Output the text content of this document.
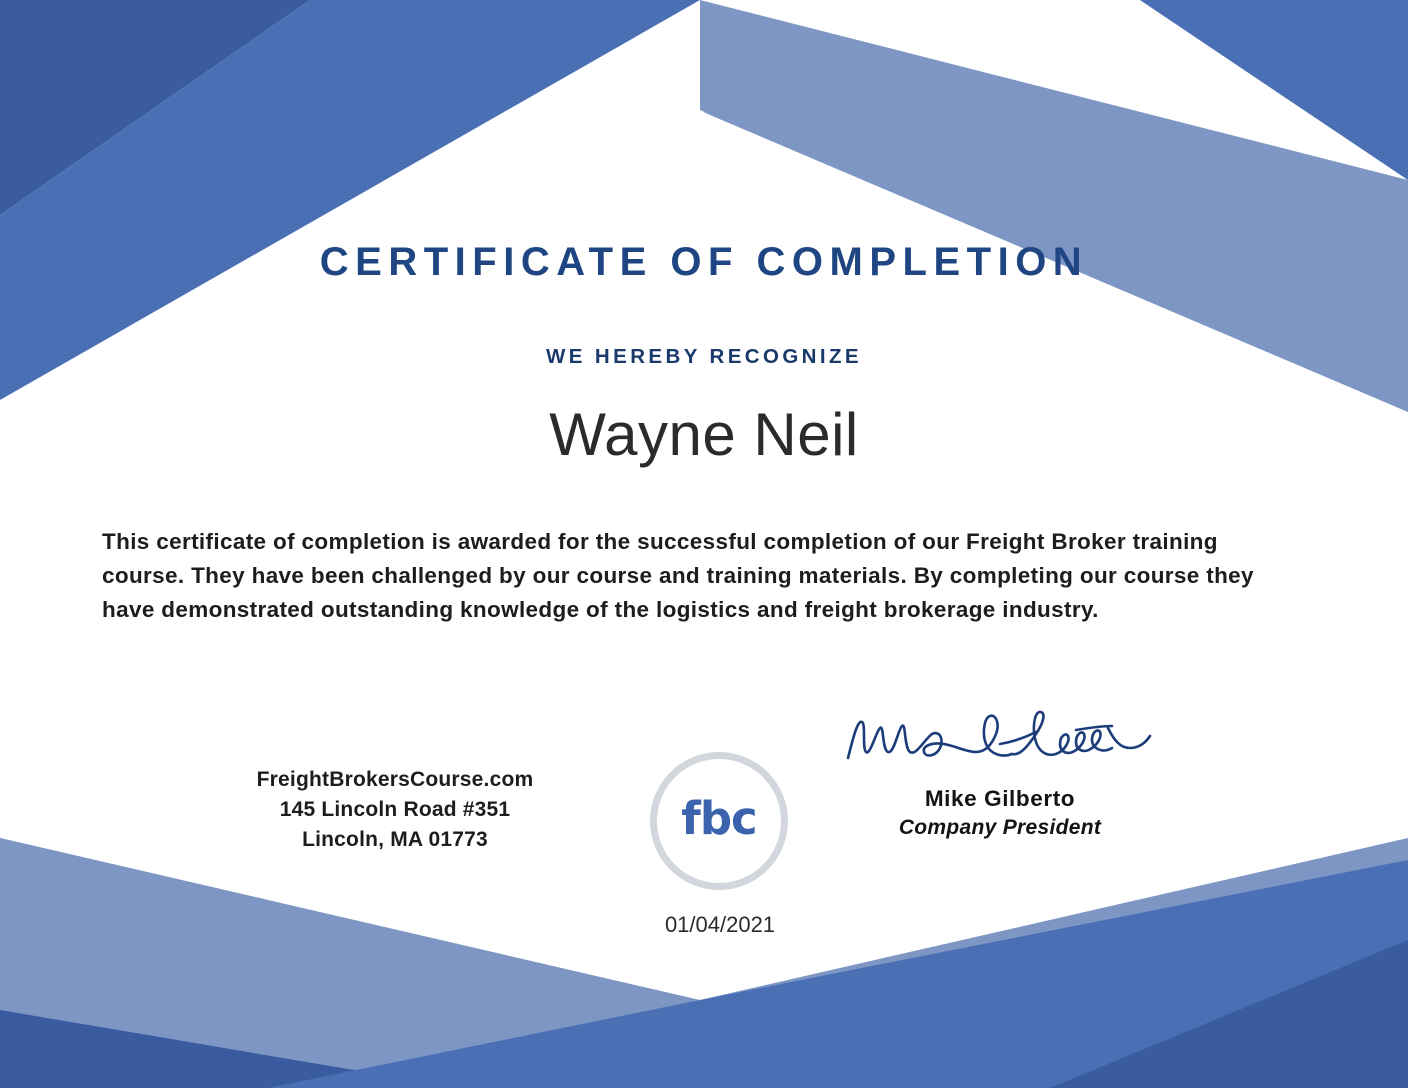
CERTIFICATE OF COMPLETION
WE HEREBY RECOGNIZE
Wayne Neil
This certificate of completion is awarded for the successful completion of our Freight Broker training course. They have been challenged by our course and training materials. By completing our course they have demonstrated outstanding knowledge of the logistics and freight brokerage industry.
FreightBrokersCourse.com
145 Lincoln Road #351
Lincoln, MA 01773	fbc	Mike Gilberto
Company President
01/04/2021
